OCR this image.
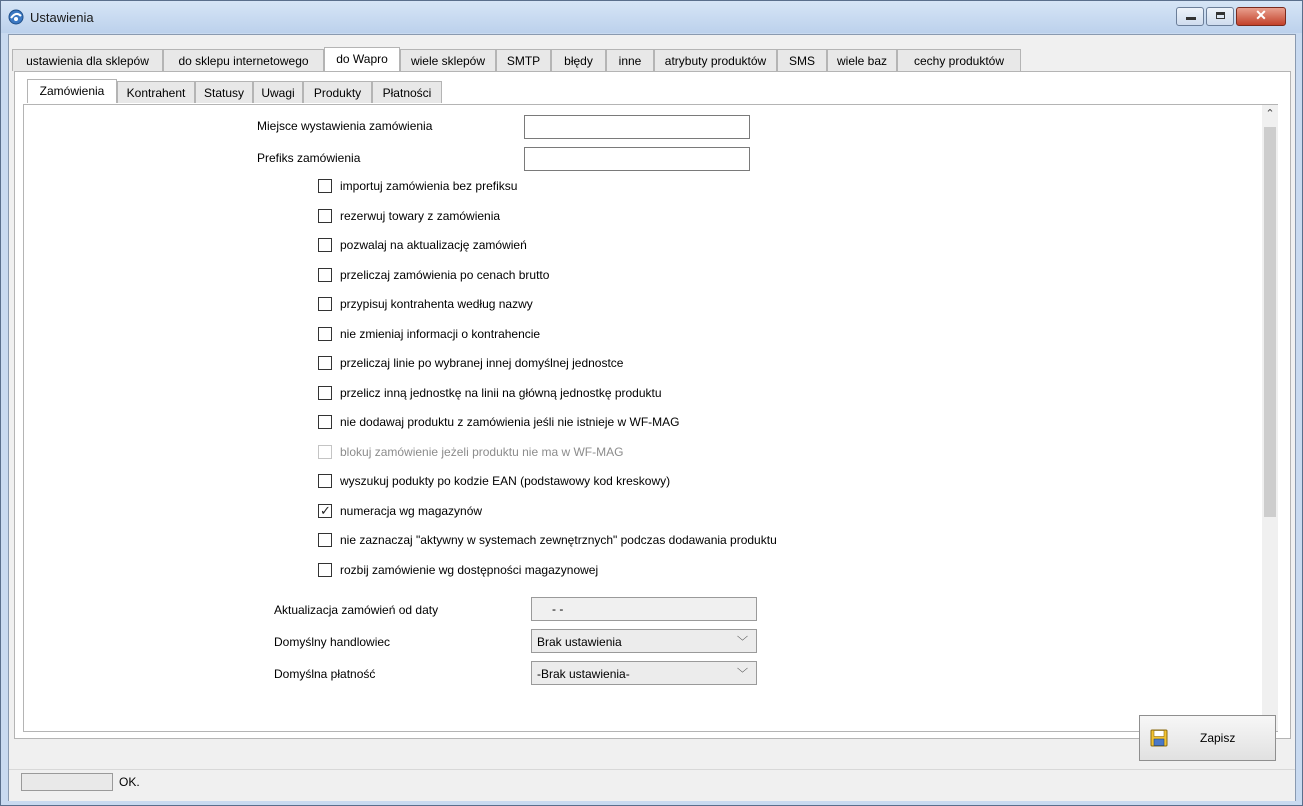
Ustawienia	✕
ustawienia dla sklepów	do sklepu internetowego	do Wapro	wiele sklepów	SMTP	błędy	inne	atrybuty produktów	SMS	wiele baz	cechy produktów
Zamówienia	Kontrahent	Statusy	Uwagi	Produkty	Płatności
Miejsce wystawienia zamówienia
Prefiks zamówienia
importuj zamówienia bez prefiksu
rezerwuj towary z zamówienia
pozwalaj na aktualizację zamówień
przeliczaj zamówienia po cenach brutto
przypisuj kontrahenta według nazwy
nie zmieniaj informacji o kontrahencie
przeliczaj linie po wybranej innej domyślnej jednostce
przelicz inną jednostkę na linii na główną jednostkę produktu
nie dodawaj produktu z zamówienia jeśli nie istnieje w WF-MAG
blokuj zamówienie jeżeli produktu nie ma w WF-MAG
wyszukuj podukty po kodzie EAN (podstawowy kod kreskowy)
✓ numeracja wg magazynów
nie zaznaczaj "aktywny w systemach zewnętrznych" podczas dodawania produktu
rozbij zamówienie wg dostępności magazynowej
Aktualizacja zamówień od daty	- -
Domyślny handlowiec	Brak ustawienia	﹀
Domyślna płatność	-Brak ustawienia-	﹀
⌃
Zapisz
OK.
